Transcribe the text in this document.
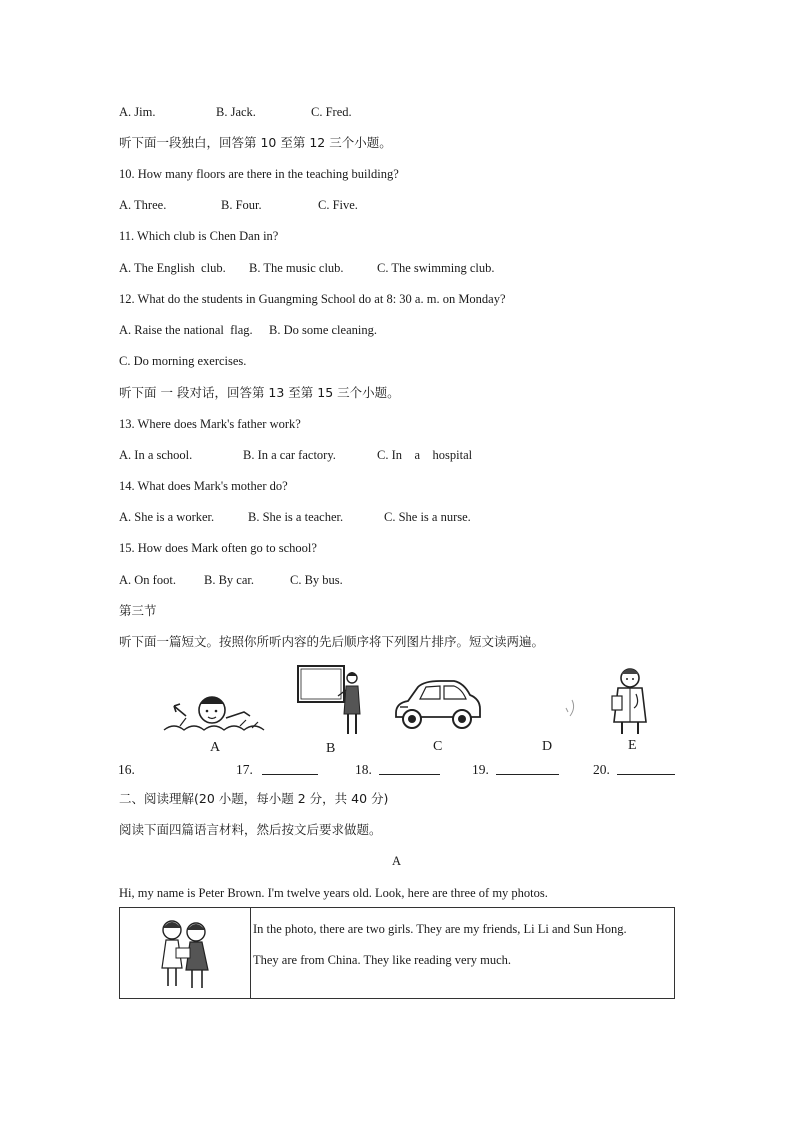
A. Jim.	B. Jack.	C. Fred.
听下面一段独白，回答第 10 至第 12 三个小题。
10. How many floors are there in the teaching building?
A. Three.	B. Four.	C. Five.
11. Which club is Chen Dan in?
A. The English  club. B. The music club.	C. The swimming club.
12. What do the students in Guangming School do at 8: 30 a. m. on Monday?
A. Raise the national  flag. B. Do some cleaning.
C. Do morning exercises.
听下面 一 段对话，回答第 13 至第 15 三个小题。
13. Where does Mark's father work?
A. In a school.	B. In a car factory.	C. In    a    hospital
14. What does Mark's mother do?
A. She is a worker.	B. She is a teacher.	C. She is a nurse.
15. How does Mark often go to school?
A. On foot. B. By car.	C. By bus.
第三节
听下面一篇短文。按照你所听内容的先后顺序将下列图片排序。短文读两遍。
A	B	C	D	E
16.	17.	18.	19.	20.
二、阅读理解(20 小题，每小题 2 分，共 40 分)
阅读下面四篇语言材料，然后按文后要求做题。
A
Hi, my name is Peter Brown. I'm twelve years old. Look, here are three of my photos.

In the photo, there are two girls. They are my friends, Li Li and Sun Hong.
They are from China. They like reading very much.
